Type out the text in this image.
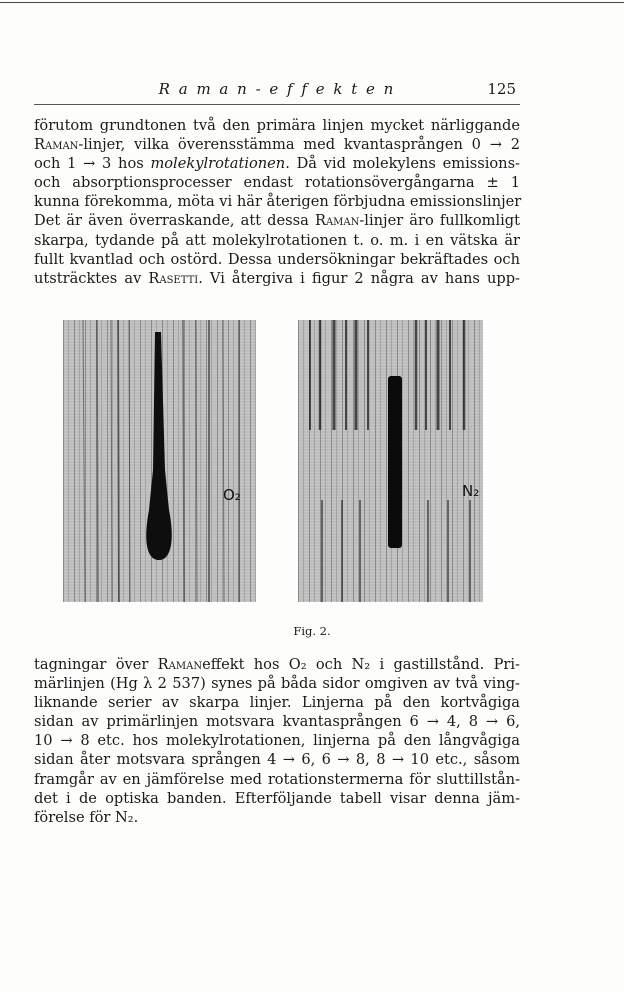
R a m a n - e f f e k t e n	125
förutom grundtonen två den primära linjen mycket närliggande
Raman-linjer, vilka överensstämma med kvantasprången 0 → 2
och 1 → 3 hos molekylrotationen. Då vid molekylens emissions-
och absorptionsprocesser endast rotationsövergångarna ± 1
kunna förekomma, möta vi här återigen förbjudna emissionslinjer
Det är även överraskande, att dessa Raman-linjer äro fullkomligt
skarpa, tydande på att molekylrotationen t. o. m. i en vätska är
fullt kvantlad och ostörd. Dessa undersökningar bekräftades och
utsträcktes av Rasetti. Vi återgiva i figur 2 några av hans upp-
O₂	N₂
Fig. 2.
tagningar över Ramaneffekt hos O₂ och N₂ i gastillstånd. Pri-
märlinjen (Hg λ 2 537) synes på båda sidor omgiven av två ving-
liknande serier av skarpa linjer. Linjerna på den kortvågiga
sidan av primärlinjen motsvara kvantasprången 6 → 4, 8 → 6,
10 → 8 etc. hos molekylrotationen, linjerna på den långvågiga
sidan åter motsvara sprången 4 → 6, 6 → 8, 8 → 10 etc., såsom
framgår av en jämförelse med rotationstermerna för sluttillstån-
det i de optiska banden. Efterföljande tabell visar denna jäm-
förelse för N₂.
